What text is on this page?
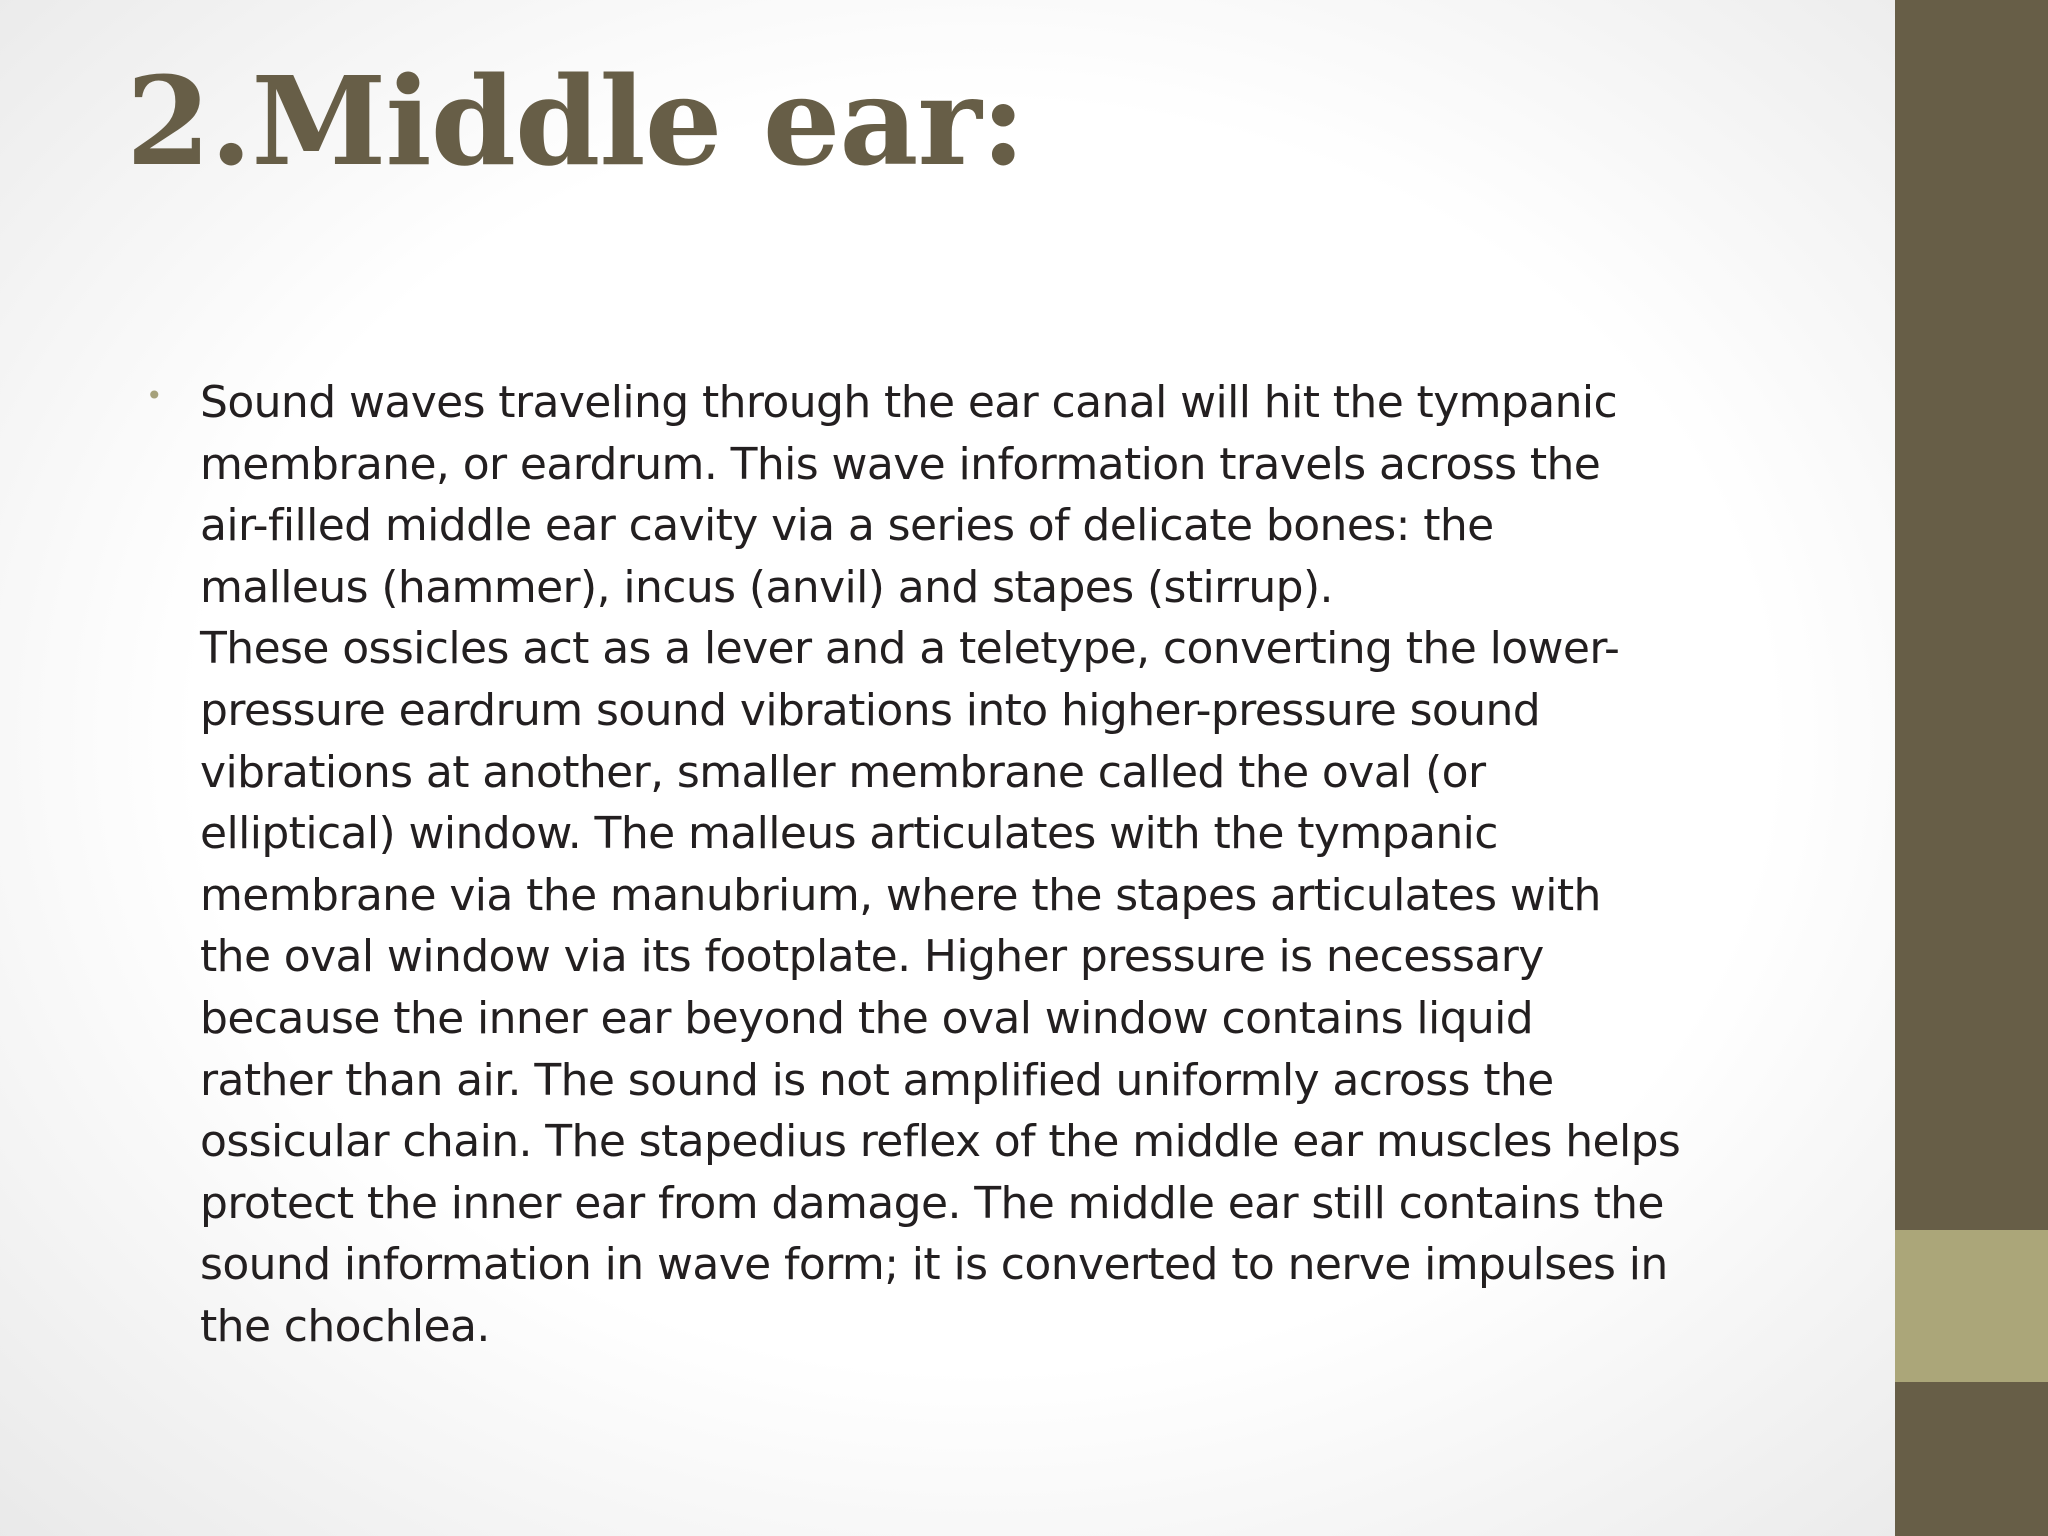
2.Middle ear:
• Sound waves traveling through the ear canal will hit the tympanic
membrane, or eardrum. This wave information travels across the
air-filled middle ear cavity via a series of delicate bones: the
malleus (hammer), incus (anvil) and stapes (stirrup).
These ossicles act as a lever and a teletype, converting the lower-
pressure eardrum sound vibrations into higher-pressure sound
vibrations at another, smaller membrane called the oval (or
elliptical) window. The malleus articulates with the tympanic
membrane via the manubrium, where the stapes articulates with
the oval window via its footplate. Higher pressure is necessary
because the inner ear beyond the oval window contains liquid
rather than air. The sound is not amplified uniformly across the
ossicular chain. The stapedius reflex of the middle ear muscles helps
protect the inner ear from damage. The middle ear still contains the
sound information in wave form; it is converted to nerve impulses in
the chochlea.
